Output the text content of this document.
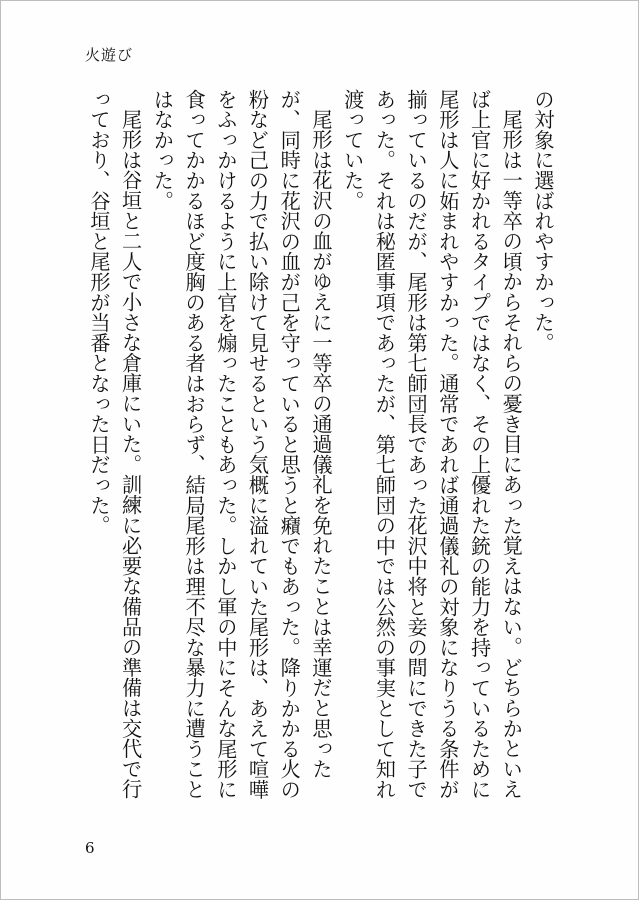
火遊び

の対象に選ばれやすかった。

尾形は一等卒の頃からそれらの憂き目にあった覚えはない。どちらかといえば上官に好かれるタイプではなく、その上優れた銃の能力を持っているために尾形は人に妬まれやすかった。通常であれば通過儀礼の対象になりうる条件が揃っているのだが、尾形は第七師団長であった花沢中将と妾の間にできた子であった。それは秘匿事項であったが、第七師団の中では公然の事実として知れ渡っていた。

尾形は花沢の血がゆえに一等卒の通過儀礼を免れたことは幸運だと思ったが、同時に花沢の血が己を守っていると思うと癪でもあった。降りかかる火の粉など己の力で払い除けて見せるという気概に溢れていた尾形は、あえて喧嘩をふっかけるように上官を煽ったこともあった。しかし軍の中にそんな尾形に食ってかかるほど度胸のある者はおらず、結局尾形は理不尽な暴力に遭うことはなかった。

尾形は谷垣と二人で小さな倉庫にいた。訓練に必要な備品の準備は交代で行っており、谷垣と尾形が当番となった日だった。

6
